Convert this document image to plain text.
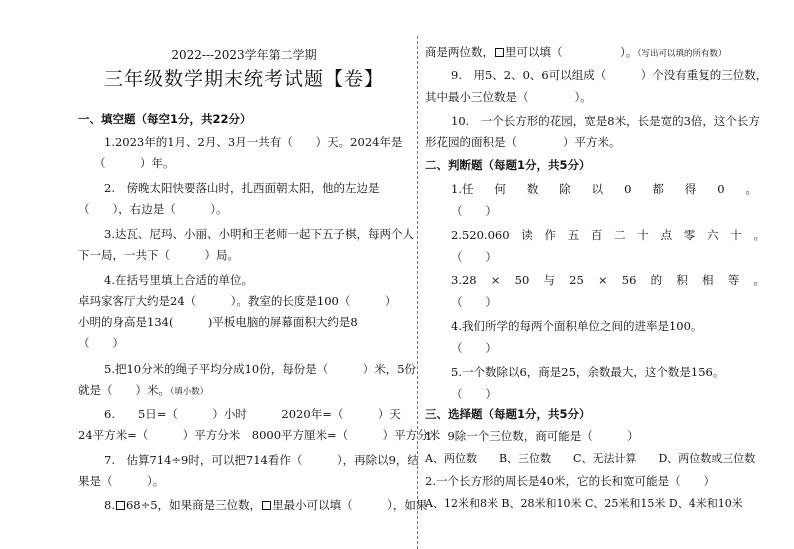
2022---2023学年第二学期
三年级数学期末统考试题【卷】
一、填空题（每空1分，共22分）
1.2023年的1月、2月、3月一共有（　　）天。2024年是
（　　　）年。
2.　傍晚太阳快要落山时，扎西面朝太阳，他的左边是
（　　），右边是（　　　）。
3.达瓦、尼玛、小丽、小明和王老师一起下五子棋，每两个人
下一局，一共下（　　　）局。
4.在括号里填上合适的单位。
卓玛家客厅大约是24（　　　）。教室的长度是100（　　　）
小明的身高是134(　　　)平板电脑的屏幕面积大约是8
（　　）
5.把10分米的绳子平均分成10份，每份是（　　　）米，5份
就是（　　）米。（填小数）
6.　　5日=（　　　）小时　　　2020年=（　　　）天
24平方米=（　　　）平方分米　8000平方厘米=（　　　）平方分米
7.　估算714÷9时，可以把714看作（　　　），再除以9，结
果是（　　　）。
8. 68÷5，如果商是三位数， 里最小可以填（　　　），如果
商是两位数， 里可以填（　　　　　）。（写出可以填的所有数）
9.　用5、2、0、6可以组成（　　　）个没有重复的三位数，
其中最小三位数是（　　　　）。
10.　一个长方形的花园，宽是8米，长是宽的3倍，这个长方
形花园的面积是（　　　　）平方米。
二、判断题（每题1分，共5分）
1.任 何 数 除 以 0 都 得 0 。
（　　）
2.520.060 读 作 五 百 二 十 点 零 六 十 。
（　　）
3.28 × 50 与 25 × 56 的 积 相 等 。
（　　）
4.我们所学的每两个面积单位之间的进率是100。
（　　）
5.一个数除以6，商是25，余数最大，这个数是156。
（　　）
三、选择题（每题1分，共5分）
1.　9除一个三位数，商可能是（　　　）
A、两位数　　B、三位数　　C、无法计算　　D、两位数或三位数
2.一个长方形的周长是40米，它的长和宽可能是（　　）
A、12米和8米 B、28米和10米 C、25米和15米 D、4米和10米
